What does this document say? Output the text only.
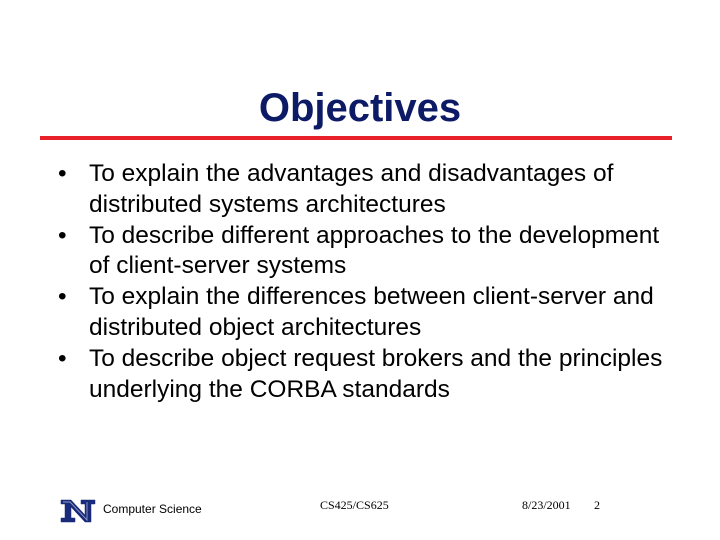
Objectives
• To explain the advantages and disadvantages of distributed systems architectures
• To describe different approaches to the development of client-server systems
• To explain the differences between client-server and distributed object architectures
• To describe object request brokers and the principles underlying the CORBA standards
Computer Science	CS425/CS625	8/23/2001 2
